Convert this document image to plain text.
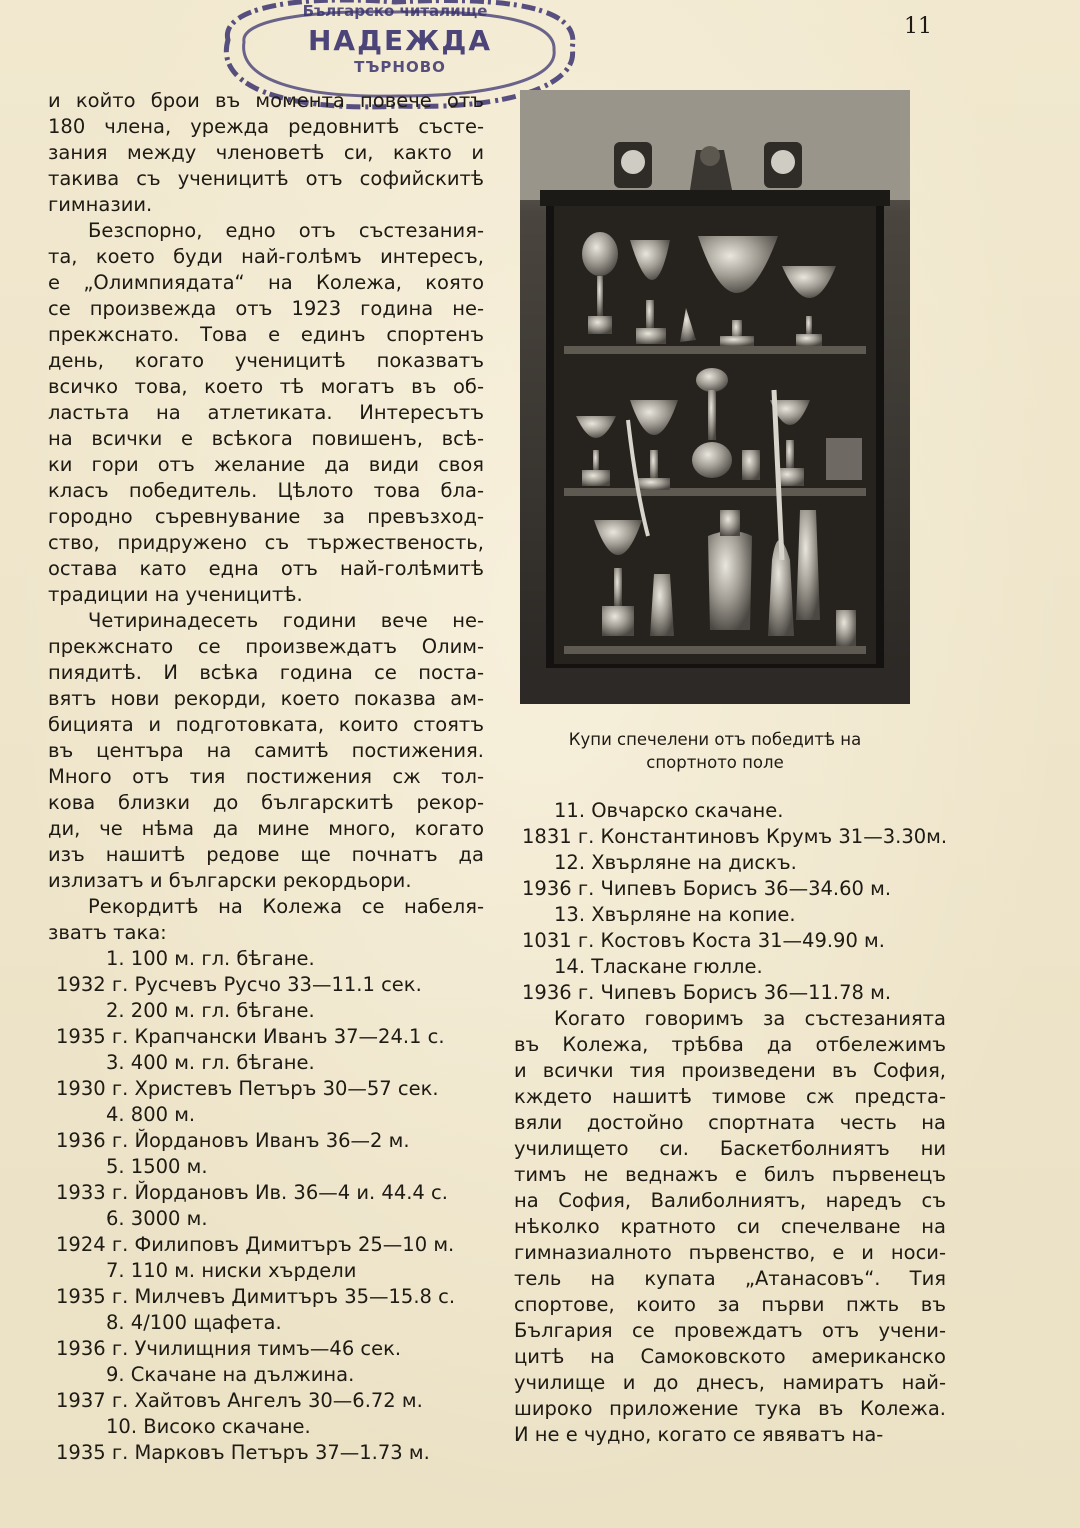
11
Българско читалище
НАДЕЖДА
ТЪРНОВО

и който брои въ момента повече отъ

180 члена, урежда редовнитѣ състе-

зания между членоветѣ си, както и

такива съ ученицитѣ отъ софийскитѣ

гимназии.

Безспорно, едно отъ състезания-

та, което буди най-голѣмъ интересъ,

е „Олимпиядата“ на Колежа, която

се произвежда отъ 1923 година не-

прекжснато. Това е единъ спортенъ

день, когато ученицитѣ показватъ

всичко това, което тѣ могатъ въ об-

ластьта на атлетиката. Интересътъ

на всички е всѣкога повишенъ, всѣ-

ки гори отъ желание да види своя

класъ победитель. Цѣлото това бла-

городно съревнувание за превъзход-

ство, придружено съ тържественость,

остава като една отъ най-голѣмитѣ

традиции на ученицитѣ.

Четиринадесеть години вече не-

прекжснато се произвеждатъ Олим-

пиядитѣ. И всѣка година се поста-

вятъ нови рекорди, което показва ам-

бицията и подготовката, които стоятъ

въ центъра на самитѣ постижения.

Много отъ тия постижения сж тол-

кова близки до българскитѣ рекор-

ди, че нѣма да мине много, когато

изъ нашитѣ редове ще почнатъ да

излизатъ и български рекордьори.

Рекордитѣ на Колежа се набеля-

зватъ така:

1. 100 м. гл. бѣгане.

1932 г. Русчевъ Русчо 33—11.1 сек.

2. 200 м. гл. бѣгане.

1935 г. Крапчански Иванъ 37—24.1 с.

3. 400 м. гл. бѣгане.

1930 г. Христевъ Петъръ 30—57 сек.

4. 800 м.

1936 г. Йордановъ Иванъ 36—2 м.

5. 1500 м.

1933 г. Йордановъ Ив. 36—4 и. 44.4 с.

6. 3000 м.

1924 г. Филиповъ Димитъръ 25—10 м.

7. 110 м. ниски хърдели

1935 г. Милчевъ Димитъръ 35—15.8 с.

8. 4/100 щафета.

1936 г. Училищния тимъ—46 сек.

9. Скачане на дължина.

1937 г. Хайтовъ Ангелъ 30—6.72 м.

10. Високо скачане.

1935 г. Марковъ Петъръ 37—1.73 м.

Купи спечелени отъ победитѣ на
спортното поле

11. Овчарско скачане.

1831 г. Константиновъ Крумъ 31—3.30м.

12. Хвърляне на дискъ.

1936 г. Чипевъ Борисъ 36—34.60 м.

13. Хвърляне на копие.

1031 г. Костовъ Коста 31—49.90 м.

14. Тласкане гюлле.

1936 г. Чипевъ Борисъ 36—11.78 м.

Когато говоримъ за състезанията

въ Колежа, трѣбва да отбележимъ

и всички тия произведени въ София,

кждето нашитѣ тимове сж предста-

вяли достойно спортната честь на

училището си. Баскетболниятъ ни

тимъ не веднажъ е билъ първенецъ

на София, Валиболниятъ, наредъ съ

нѣколко кратното си спечелване на

гимназиалното първенство, е и носи-

тель на купата „Атанасовъ“. Тия

спортове, които за първи пжть въ

България се провеждатъ отъ учени-

цитѣ на Самоковското американско

училище и до днесъ, намиратъ най-

широко приложение тука въ Колежа.

И не е чудно, когато се явяватъ на-
